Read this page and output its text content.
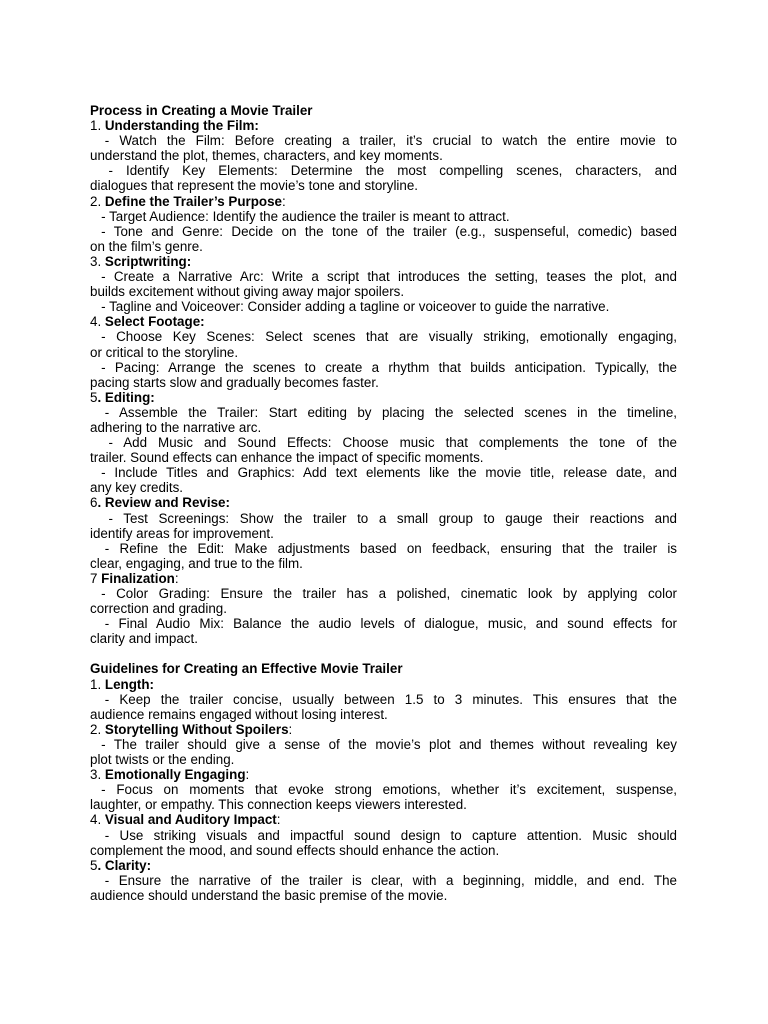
Process in Creating a Movie Trailer
1. Understanding the Film:
- Watch the Film: Before creating a trailer, it’s crucial to watch the entire movie to
understand the plot, themes, characters, and key moments.
- Identify Key Elements: Determine the most compelling scenes, characters, and
dialogues that represent the movie’s tone and storyline.
2. Define the Trailer’s Purpose:
- Target Audience: Identify the audience the trailer is meant to attract.
- Tone and Genre: Decide on the tone of the trailer (e.g., suspenseful, comedic) based
on the film’s genre.
3. Scriptwriting:
- Create a Narrative Arc: Write a script that introduces the setting, teases the plot, and
builds excitement without giving away major spoilers.
- Tagline and Voiceover: Consider adding a tagline or voiceover to guide the narrative.
4. Select Footage:
- Choose Key Scenes: Select scenes that are visually striking, emotionally engaging,
or critical to the storyline.
- Pacing: Arrange the scenes to create a rhythm that builds anticipation. Typically, the
pacing starts slow and gradually becomes faster.
5. Editing:
- Assemble the Trailer: Start editing by placing the selected scenes in the timeline,
adhering to the narrative arc.
- Add Music and Sound Effects: Choose music that complements the tone of the
trailer. Sound effects can enhance the impact of specific moments.
- Include Titles and Graphics: Add text elements like the movie title, release date, and
any key credits.
6. Review and Revise:
- Test Screenings: Show the trailer to a small group to gauge their reactions and
identify areas for improvement.
- Refine the Edit: Make adjustments based on feedback, ensuring that the trailer is
clear, engaging, and true to the film.
7 Finalization:
- Color Grading: Ensure the trailer has a polished, cinematic look by applying color
correction and grading.
- Final Audio Mix: Balance the audio levels of dialogue, music, and sound effects for
clarity and impact.
Guidelines for Creating an Effective Movie Trailer
1. Length:
- Keep the trailer concise, usually between 1.5 to 3 minutes. This ensures that the
audience remains engaged without losing interest.
2. Storytelling Without Spoilers:
- The trailer should give a sense of the movie’s plot and themes without revealing key
plot twists or the ending.
3. Emotionally Engaging:
- Focus on moments that evoke strong emotions, whether it’s excitement, suspense,
laughter, or empathy. This connection keeps viewers interested.
4. Visual and Auditory Impact:
- Use striking visuals and impactful sound design to capture attention. Music should
complement the mood, and sound effects should enhance the action.
5. Clarity:
- Ensure the narrative of the trailer is clear, with a beginning, middle, and end. The
audience should understand the basic premise of the movie.
